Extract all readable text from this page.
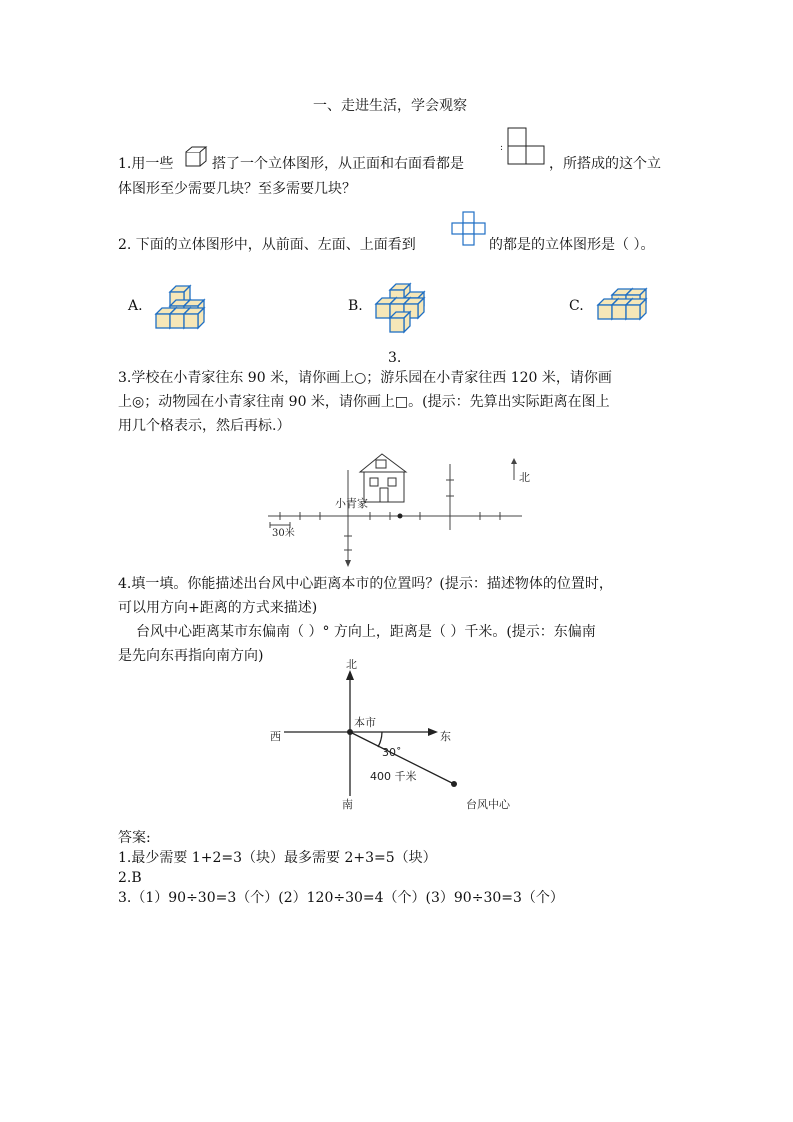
一、走进生活，学会观察
1.用一些	搭了一个立体图形，从正面和右面看都是
:
，所搭成的这个立
体图形至少需要几块？至多需要几块？
2. 下面的立体图形中，从前面、左面、上面看到	的都是的立体图形是（ ）。
A.	B.	C.
3.
3.学校在小青家往东 90 米，请你画上○；游乐园在小青家往西 120 米，请你画
上◎；动物园在小青家往南 90 米，请你画上□。(提示：先算出实际距离在图上
用几个格表示，然后再标.）
北
小青家
30米
4.填一填。你能描述出台风中心距离本市的位置吗？(提示：描述物体的位置时，
可以用方向+距离的方式来描述)
台风中心距离某市东偏南（ ）° 方向上，距离是（ ）千米。(提示：东偏南
是先向东再指向南方向)
北
南
东
西
本市
30˚
400 千米
台风中心
答案:
1.最少需要 1+2=3（块）最多需要 2+3=5（块）
2.B
3.（1）90÷30=3（个）(2）120÷30=4（个）(3）90÷30=3（个）
